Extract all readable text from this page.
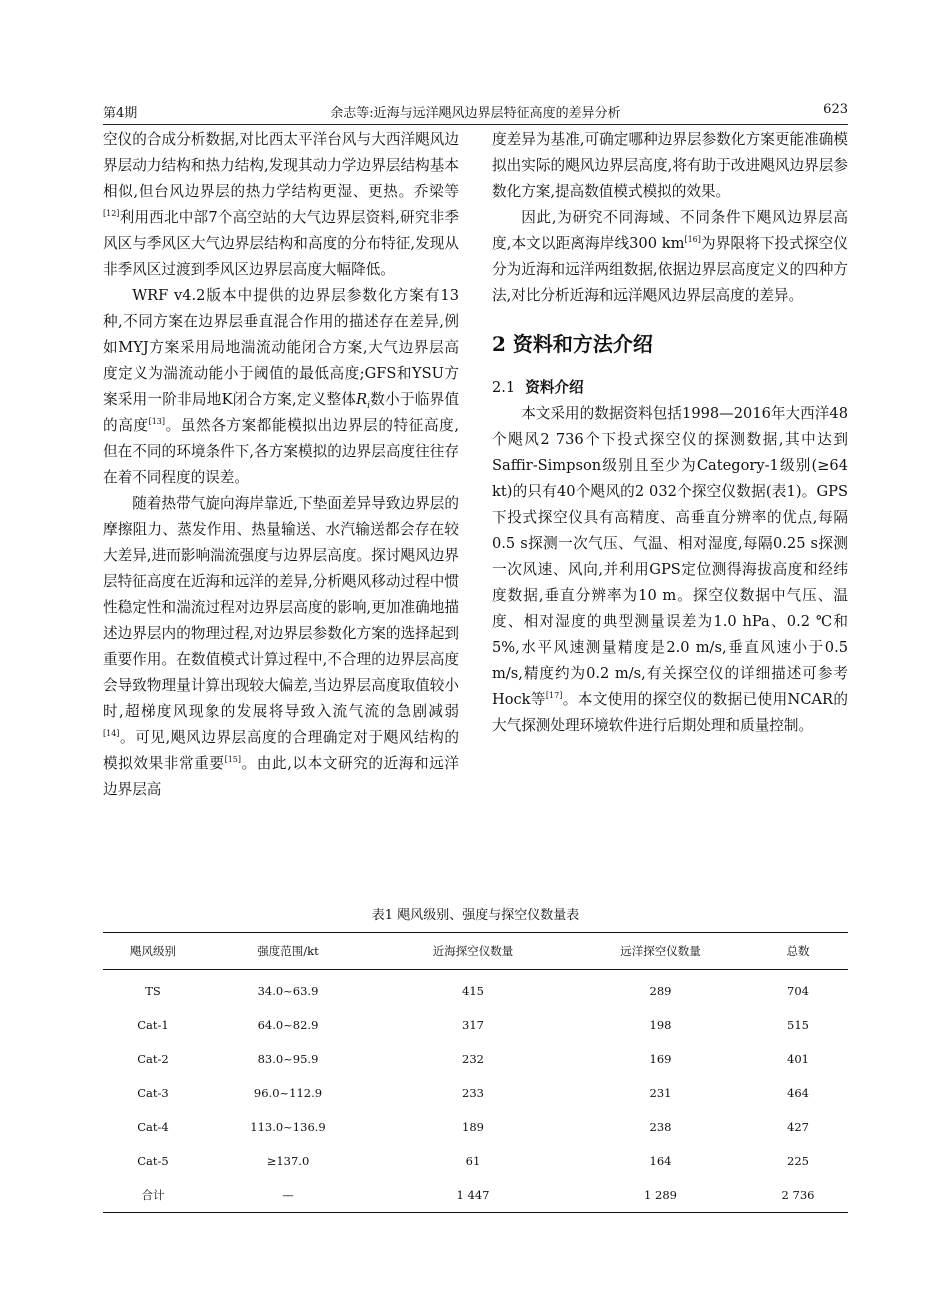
第4期	余志等:近海与远洋飓风边界层特征高度的差异分析	623

空仪的合成分析数据,对比西太平洋台风与大西洋飓风边界层动力结构和热力结构,发现其动力学边界层结构基本相似,但台风边界层的热力学结构更湿、更热。乔梁等[12]利用西北中部7个高空站的大气边界层资料,研究非季风区与季风区大气边界层结构和高度的分布特征,发现从非季风区过渡到季风区边界层高度大幅降低。

WRF v4.2版本中提供的边界层参数化方案有13种,不同方案在边界层垂直混合作用的描述存在差异,例如MYJ方案采用局地湍流动能闭合方案,大气边界层高度定义为湍流动能小于阈值的最低高度;GFS和YSU方案采用一阶非局地K闭合方案,定义整体$R_i$数小于临界值的高度[13]。虽然各方案都能模拟出边界层的特征高度,但在不同的环境条件下,各方案模拟的边界层高度往往存在着不同程度的误差。

随着热带气旋向海岸靠近,下垫面差异导致边界层的摩擦阻力、蒸发作用、热量输送、水汽输送都会存在较大差异,进而影响湍流强度与边界层高度。探讨飓风边界层特征高度在近海和远洋的差异,分析飓风移动过程中惯性稳定性和湍流过程对边界层高度的影响,更加准确地描述边界层内的物理过程,对边界层参数化方案的选择起到重要作用。在数值模式计算过程中,不合理的边界层高度会导致物理量计算出现较大偏差,当边界层高度取值较小时,超梯度风现象的发展将导致入流气流的急剧减弱[14]。可见,飓风边界层高度的合理确定对于飓风结构的模拟效果非常重要[15]。由此,以本文研究的近海和远洋边界层高

度差异为基准,可确定哪种边界层参数化方案更能准确模拟出实际的飓风边界层高度,将有助于改进飓风边界层参数化方案,提高数值模式模拟的效果。

因此,为研究不同海域、不同条件下飓风边界层高度,本文以距离海岸线300 km[16]为界限将下投式探空仪分为近海和远洋两组数据,依据边界层高度定义的四种方法,对比分析近海和远洋飓风边界层高度的差异。

2 资料和方法介绍
2.1 资料介绍

本文采用的数据资料包括1998—2016年大西洋48个飓风2 736个下投式探空仪的探测数据,其中达到Saffir-Simpson级别且至少为Category-1级别(≥64 kt)的只有40个飓风的2 032个探空仪数据(表1)。GPS下投式探空仪具有高精度、高垂直分辨率的优点,每隔0.5 s探测一次气压、气温、相对湿度,每隔0.25 s探测一次风速、风向,并利用GPS定位测得海拔高度和经纬度数据,垂直分辨率为10 m。探空仪数据中气压、温度、相对湿度的典型测量误差为1.0 hPa、0.2 ℃和5%,水平风速测量精度是2.0 m/s,垂直风速小于0.5 m/s,精度约为0.2 m/s,有关探空仪的详细描述可参考Hock等[17]。本文使用的探空仪的数据已使用NCAR的大气探测处理环境软件进行后期处理和质量控制。

表1 飓风级别、强度与探空仪数量表
飓风级别	强度范围/kt	近海探空仪数量	远洋探空仪数量	总数
TS	34.0~63.9	415	289	704
Cat-1	64.0~82.9	317	198	515
Cat-2	83.0~95.9	232	169	401
Cat-3	96.0~112.9	233	231	464
Cat-4	113.0~136.9	189	238	427
Cat-5	≥137.0	61	164	225
合计	—	1 447	1 289	2 736
